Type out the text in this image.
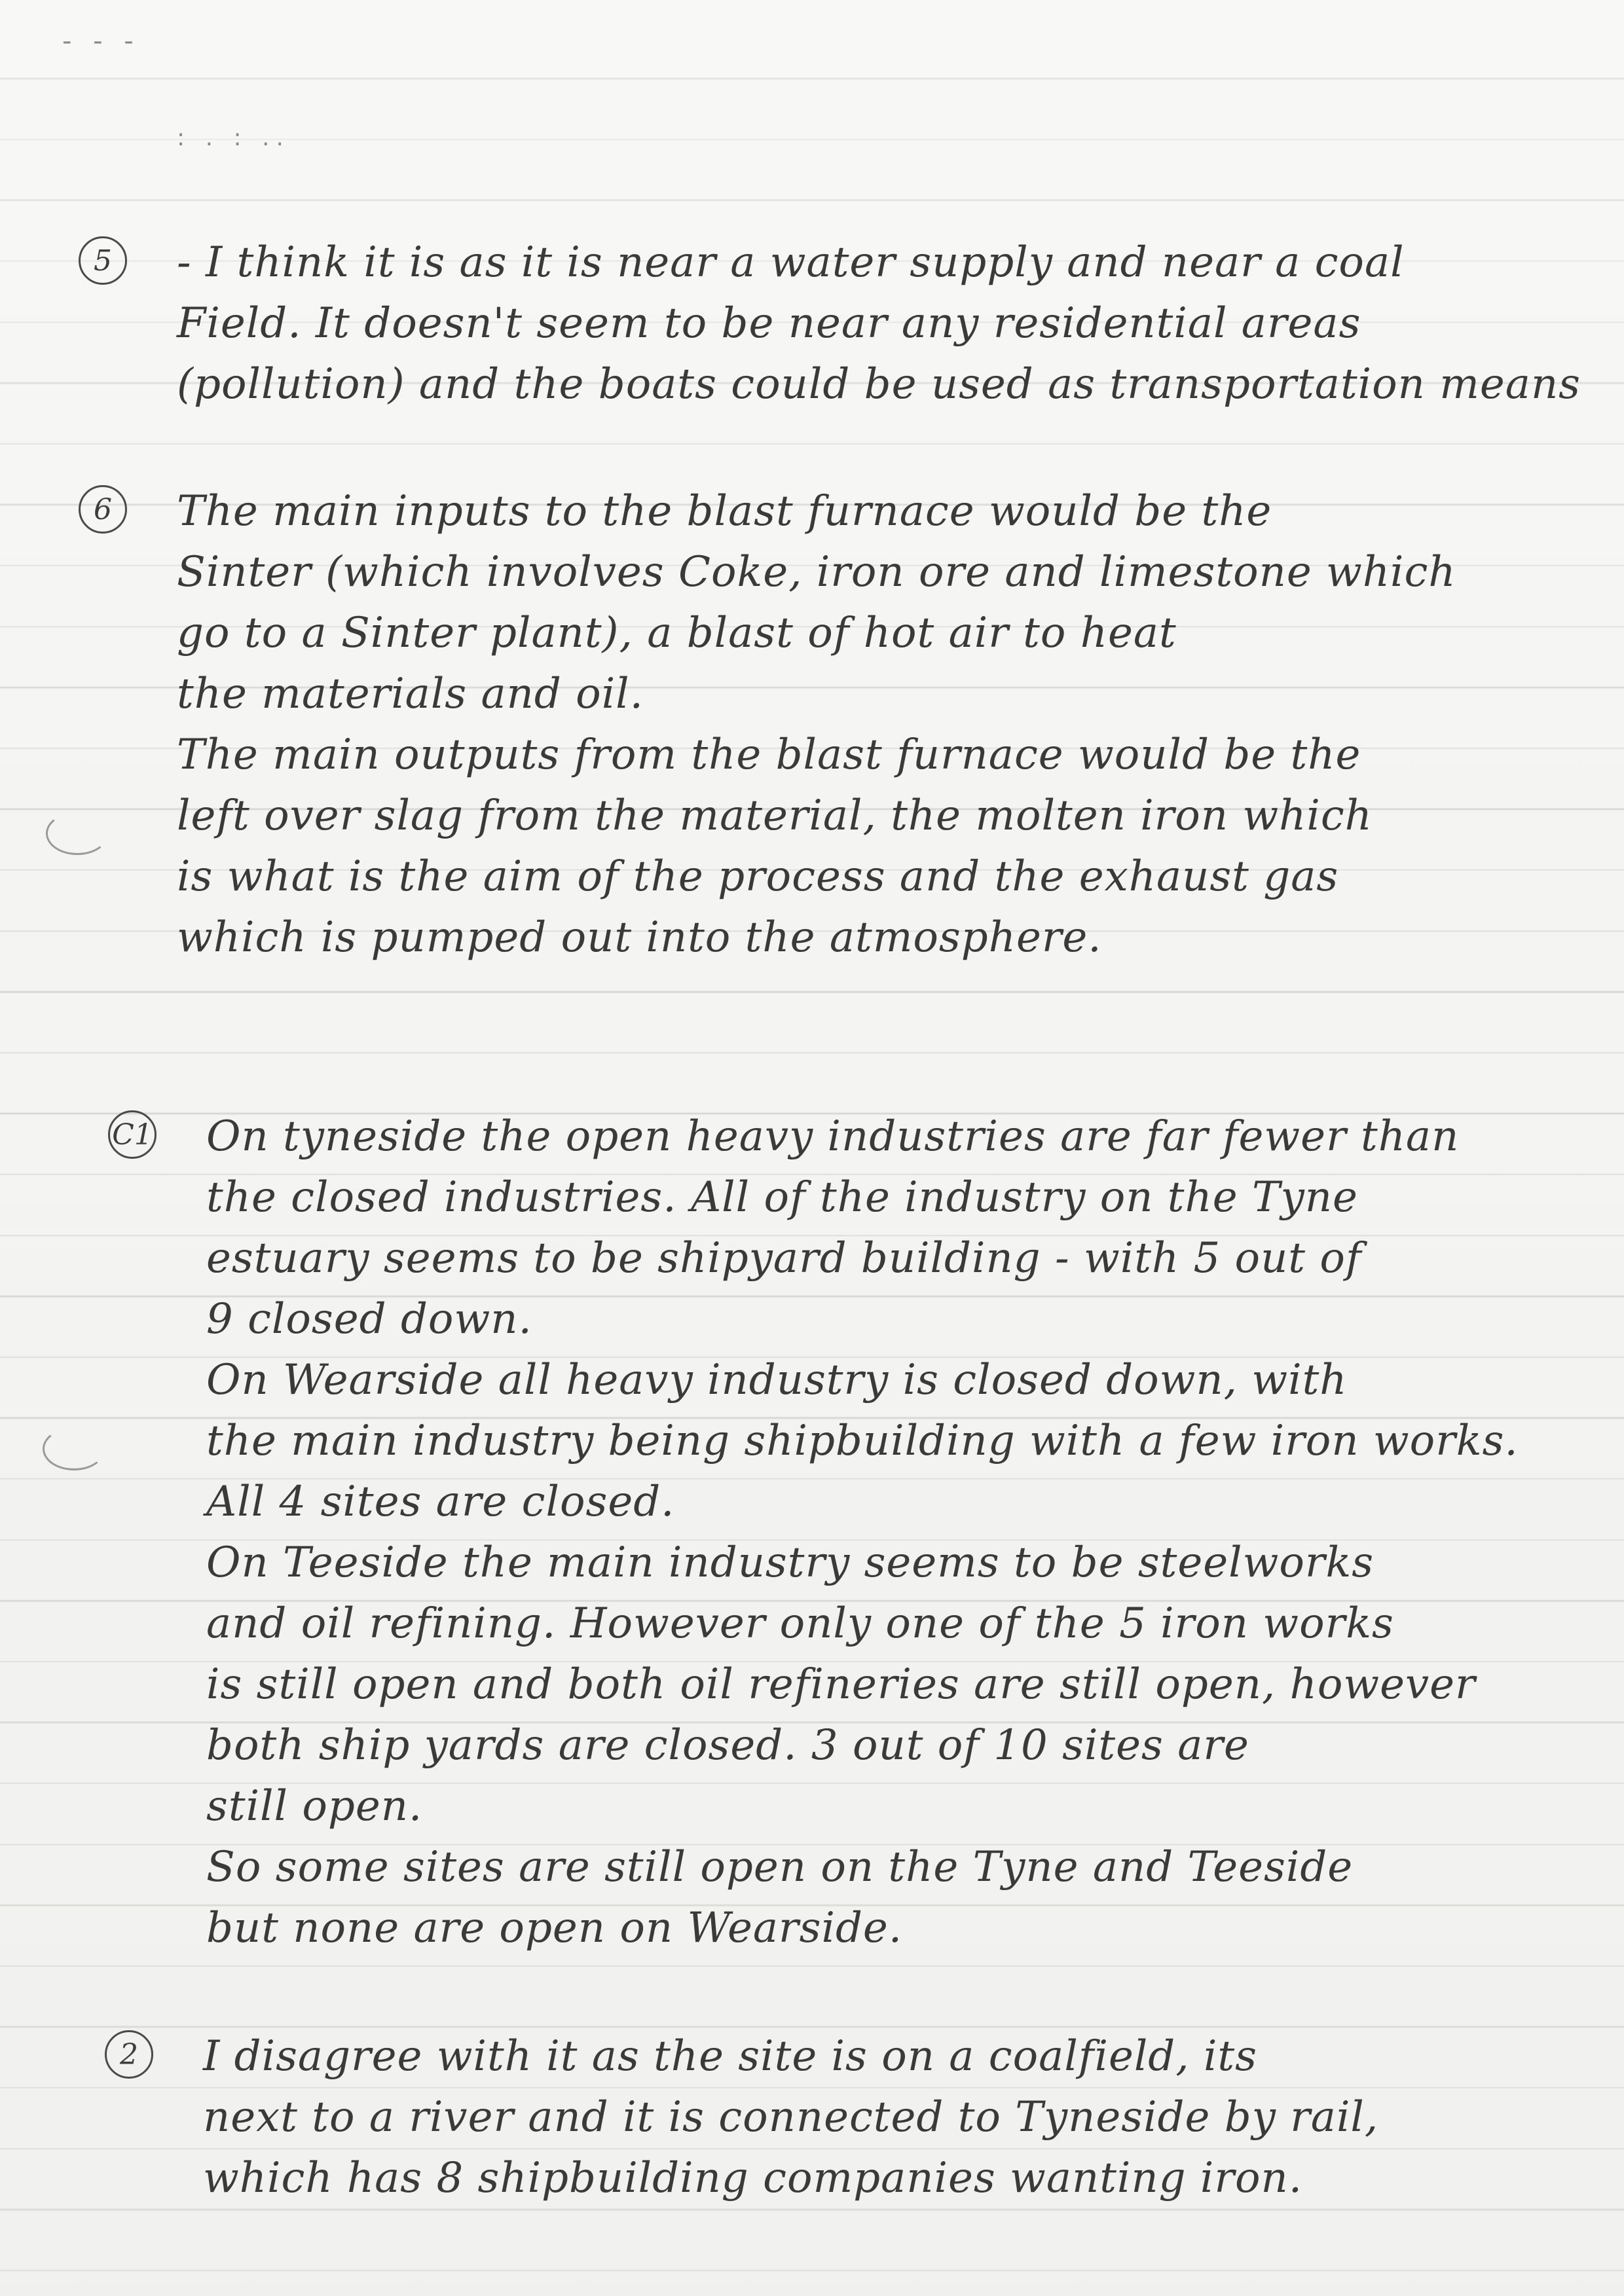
- - -
: . : ..
5	- I think it is as it is near a water supply and near a coal
Field. It doesn't seem to be near any residential areas
(pollution) and the boats could be used as transportation means

6	The main inputs to the blast furnace would be the
Sinter (which involves Coke, iron ore and limestone which
go to a Sinter plant), a blast of hot air to heat
the materials and oil.
The main outputs from the blast furnace would be the
left over slag from the material, the molten iron which
is what is the aim of the process and the exhaust gas
which is pumped out into the atmosphere.

C1 On tyneside the open heavy industries are far fewer than
the closed industries. All of the industry on the Tyne
estuary seems to be shipyard building - with 5 out of
9 closed down.
On Wearside all heavy industry is closed down, with
the main industry being shipbuilding with a few iron works.
All 4 sites are closed.
On Teeside the main industry seems to be steelworks
and oil refining. However only one of the 5 iron works
is still open and both oil refineries are still open, however
both ship yards are closed. 3 out of 10 sites are
still open.
So some sites are still open on the Tyne and Teeside
but none are open on Wearside.

2	I disagree with it as the site is on a coalfield, its
next to a river and it is connected to Tyneside by rail,
which has 8 shipbuilding companies wanting iron.
